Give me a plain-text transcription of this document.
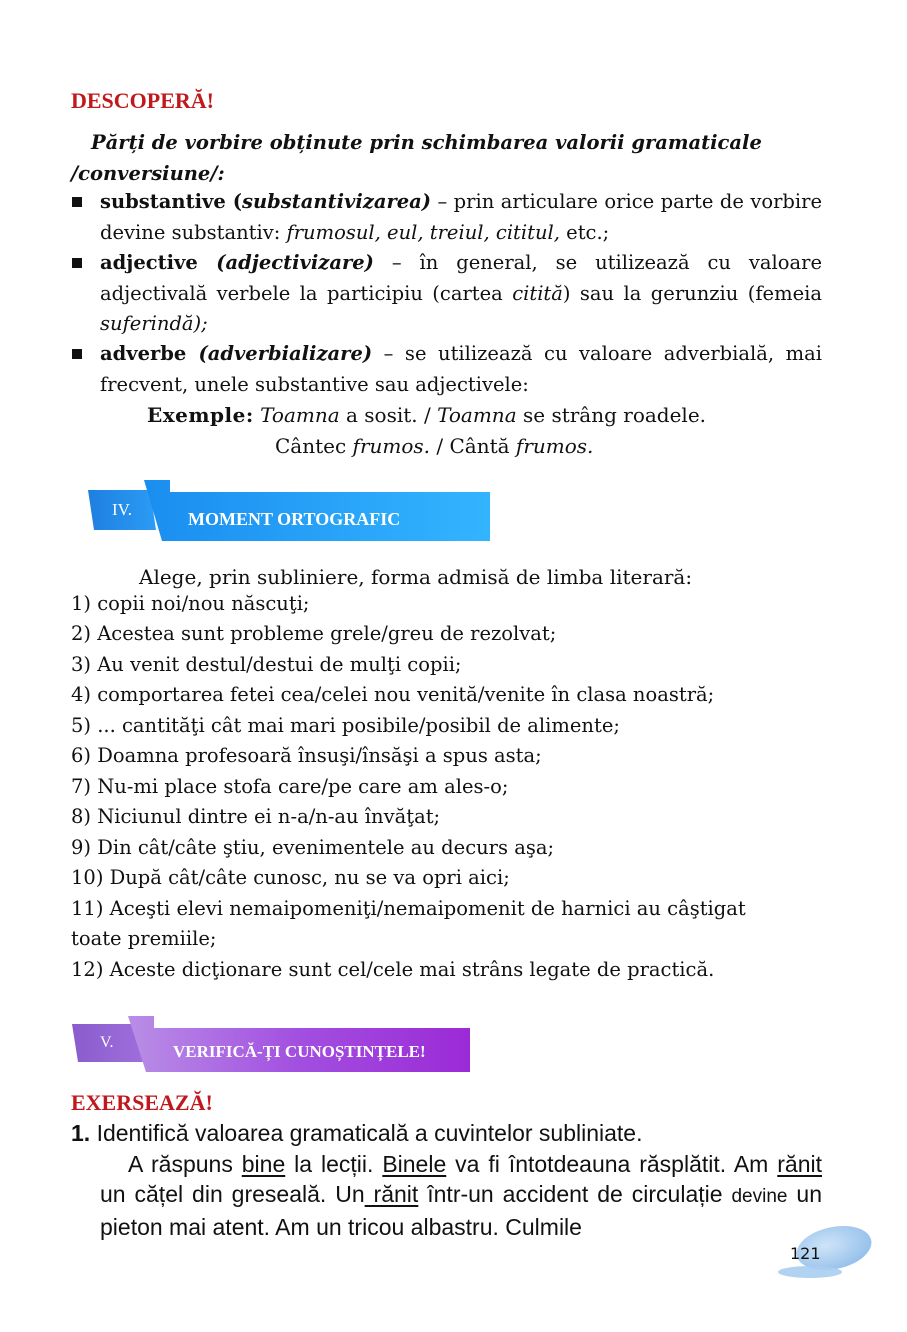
DESCOPERĂ!
Părți de vorbire obținute prin schimbarea valorii gramaticale
/conversiune/:
substantive (substantivizarea) – prin articulare orice parte de vorbire devine substantiv: frumosul, eul, treiul, cititul, etc.;
adjective (adjectivizare) – în general, se utilizează cu valoare adjectivală verbele la participiu (cartea citită) sau la gerunziu (femeia suferindă);
adverbe (adverbializare) – se utilizează cu valoare adverbială, mai frecvent, unele substantive sau adjectivele:
Exemple: Toamna a sosit. / Toamna se strâng roadele.
Cântec frumos. / Cântă frumos.
IV.	MOMENT ORTOGRAFIC
Alege, prin subliniere, forma admisă de limba literară:
1) copii noi/nou născuţi;
2) Acestea sunt probleme grele/greu de rezolvat;
3) Au venit destul/destui de mulţi copii;
4) comportarea fetei cea/celei nou venită/venite în clasa noastră;
5) ... cantităţi cât mai mari posibile/posibil de alimente;
6) Doamna profesoară însuşi/însăşi a spus asta;
7) Nu-mi place stofa care/pe care am ales-o;
8) Niciunul dintre ei n-a/n-au învăţat;
9) Din cât/câte ştiu, evenimentele au decurs aşa;
10) După cât/câte cunosc, nu se va opri aici;
11) Aceşti elevi nemaipomeniţi/nemaipomenit de harnici au câştigat
toate premiile;
12) Aceste dicţionare sunt cel/cele mai strâns legate de practică.
V.	VERIFICĂ-ȚI CUNOȘTINȚELE!
EXERSEAZĂ!
1. Identifică valoarea gramaticală a cuvintelor subliniate.
A răspuns bine la lecții. Binele va fi întotdeauna răsplătit. Am rănit un cățel din greseală. Un rănit într-un accident de circulație devine un pieton mai atent. Am un tricou albastru. Culmile
121
